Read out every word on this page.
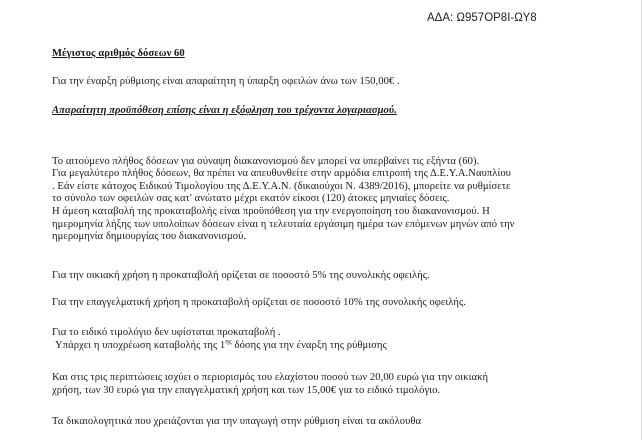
ΑΔΑ: Ω957ΟΡ8Ι-ΩΥ8
Μέγιστος αριθμός δόσεων 60
Για την έναρξη ρύθμισης είναι απαραίτητη η ύπαρξη οφειλών άνω των 150,00€ .
Απαραίτητη προϋπόθεση επίσης είναι η εξόφληση του τρέχοντα λογαριασμού.
Το αιτούμενο πλήθος δόσεων για σύναψη διακανονισμού δεν μπορεί να υπερβαίνει τις εξήντα (60).
Για μεγαλύτερο πλήθος δόσεων, θα πρέπει να απευθυνθείτε στην αρμόδια επιτροπή της Δ.Ε.Υ.Α.Ναυπλίου
. Εάν είστε κάτοχος Ειδικού Τιμολογίου της Δ.Ε.Υ.Α.Ν. (δικαιούχοι Ν. 4389/2016), μπορείτε να ρυθμίσετε
το σύνολο των οφειλών σας κατ' ανώτατο μέχρι εκατόν είκοσι (120) άτοκες μηνιαίες δόσεις.
Η άμεση καταβολή της προκαταβολής είναι προϋπόθεση για την ενεργοποίηση του διακανονισμού. Η
ημερομηνία λήξης των υπολοίπων δόσεων είναι η τελευταία εργάσιμη ημέρα των επόμενων μηνών από την
ημερομηνία δημιουργίας του διακανονισμού.
Για την οικιακή χρήση η προκαταβολή ορίζεται σε ποσοστό 5% της συνολικής οφειλής.
Για την επαγγελματική χρήση η προκαταβολή ορίζεται σε ποσοστό 10% της συνολικής οφειλής.
Για το ειδικό τιμολόγιο δεν υφίσταται προκαταβολή .
Υπάρχει η υποχρέωση καταβολής της $1^{\eta\varsigma}$ δόσης για την έναρξη της ρύθμισης
Και στις τρις περιπτώσεις ισχύει ο περιορισμός του ελαχίστου ποσού των 20,00 ευρώ για την οικιακή
χρήση, των 30 ευρώ για την επαγγελματική χρήση και των 15,00€ για το ειδικό τιμολόγιο.
Τα δικαιολογητικά που χρειάζονται για την υπαγωγή στην ρύθμιση είναι τα ακόλουθα
